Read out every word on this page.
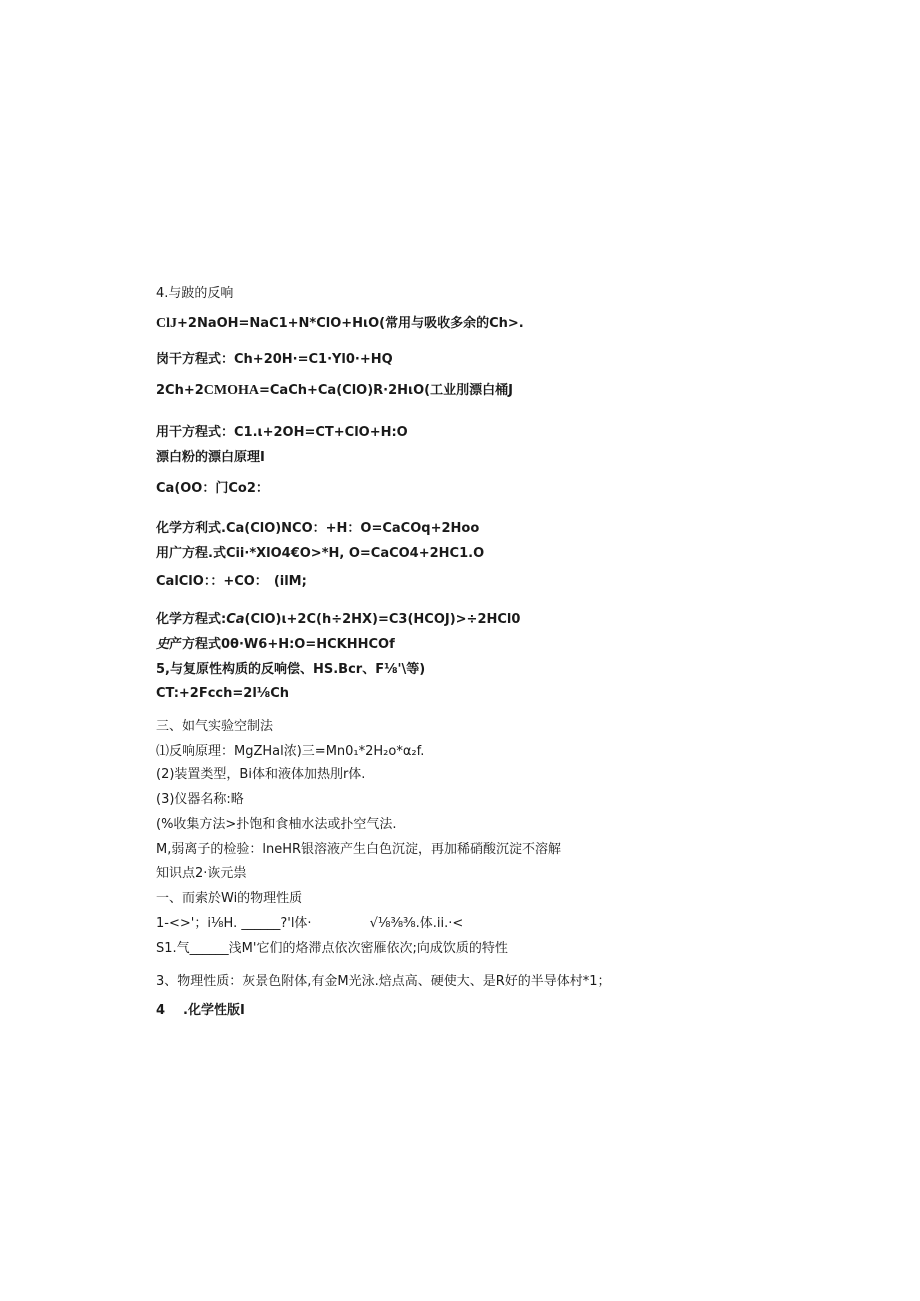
4.与跛的反响
ClJ+2NaOH=NaC1+N*ClO+HιO(常用与吸收多余的Ch>.
岗干方程式：Ch+20H·=C1·Yl0·+HQ
2Ch+2CMOHA=CaCh+Ca(ClO)R·2HιO(工业刖漂白桶J
用干方程式：C1.ι+2OH=CT+ClO+H:O
漂白粉的漂白原理I
Ca(OO：门Co2：
化学方利式.Ca(ClO)NCO：+H：O=CaCOq+2Hoo
用广方程.式Cii·*XlO4€O>*H, O=CaCO4+2HC1.O
CalClO：：+CO： (ilM;
化学方程式:Ca(ClO)ι+2C(h÷2HX)=C3(HCOJ)>÷2HCl0
史产方程式0θ·W6+H:O=HCKHHCOf
5,与复原性构质的反响偿、HS.Bcr、F⅛'\等)
CT:+2Fcch=2l⅛Ch
三、如气实验空制法
⑴反响原理：MgZHal浓)三=Mn0₁*2H₂o*α₂f.
(2)装置类型，Bi体和液体加热刖r体.
(3)仪器名称:略
(%收集方法>扑饱和食柚水法或扑空气法.
M,弱离子的检验：lneHR银溶液产生白色沉淀，再加稀硝酸沉淀不溶解
知识点2·诙元祟
一、而索於Wi的物理性质
1-<>'；i⅛H. ______?'l体·	√⅛⅜⅜.体.ii.·<
S1.气______浅M'它们的烙滞点依次密雁依次;向成饮质的特性
3、物理性质：灰景色附体,有金M光泳.焙点高、硬使大、是R好的半导体村*1；
4 .化学性版I
